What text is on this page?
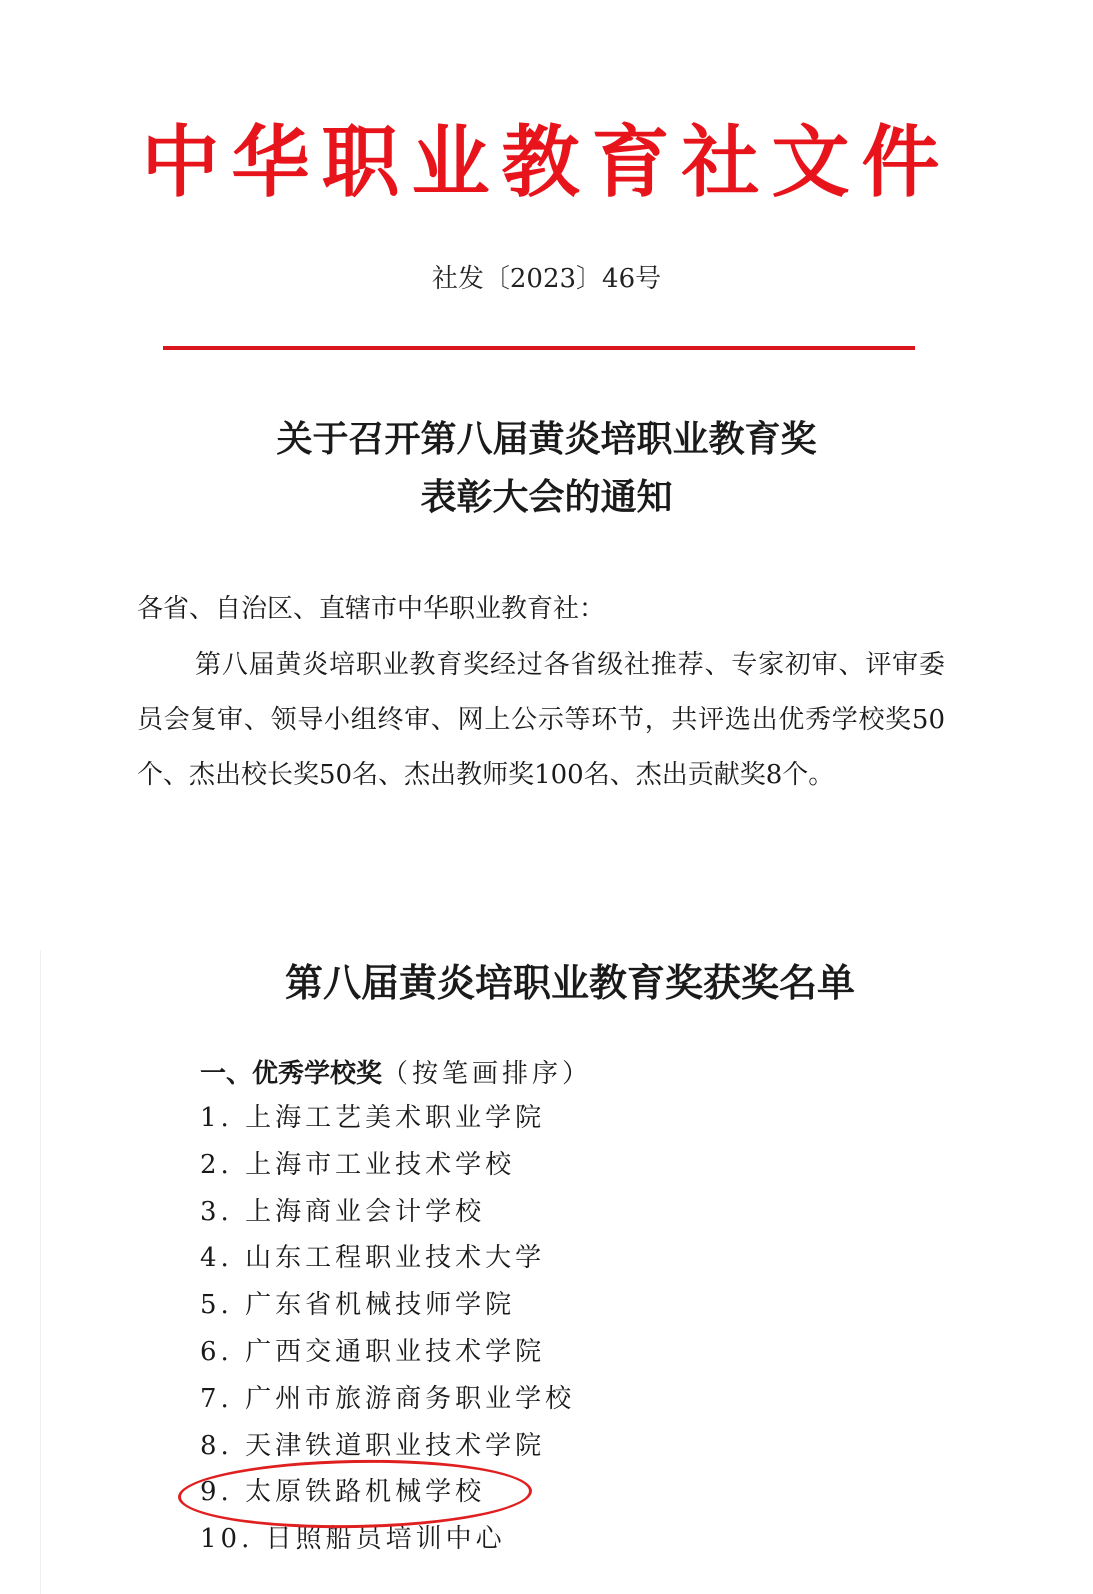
中华职业教育社文件
社发〔2023〕46号
关于召开第八届黄炎培职业教育奖
表彰大会的通知
各省、自治区、直辖市中华职业教育社：
第八届黄炎培职业教育奖经过各省级社推荐、专家初审、评审委员会复审、领导小组终审、网上公示等环节，共评选出优秀学校奖50个、杰出校长奖50名、杰出教师奖100名、杰出贡献奖8个。
第八届黄炎培职业教育奖获奖名单
一、优秀学校奖（按笔画排序）
1. 上海工艺美术职业学院
2. 上海市工业技术学校
3. 上海商业会计学校
4. 山东工程职业技术大学
5. 广东省机械技师学院
6. 广西交通职业技术学院
7. 广州市旅游商务职业学校
8. 天津铁道职业技术学院
9. 太原铁路机械学校
10. 日照船员培训中心
